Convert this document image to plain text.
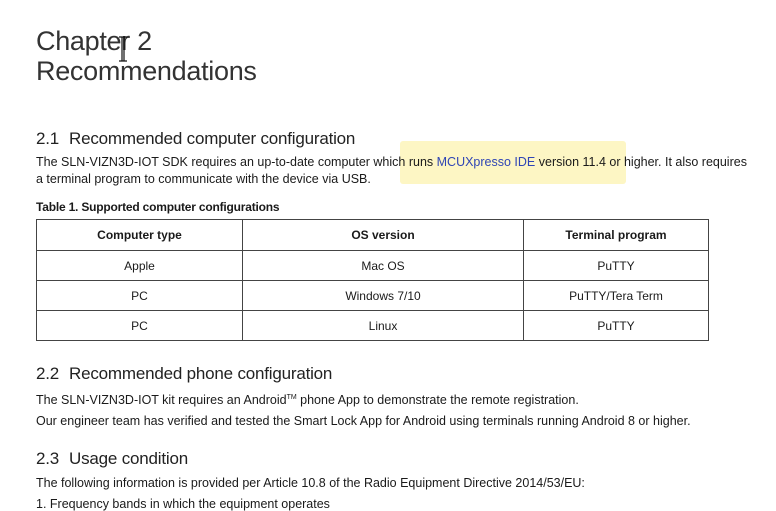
Chapter 2
Recommendations
2.1 Recommended computer configuration
The SLN-VIZN3D-IOT SDK requires an up-to-date computer which runs MCUXpresso IDE version 11.4 or higher. It also requires
a terminal program to communicate with the device via USB.
Table 1. Supported computer configurations
Computer type	OS version	Terminal program
Apple	Mac OS	PuTTY
PC	Windows 7/10	PuTTY/Tera Term
PC	Linux	PuTTY
2.2 Recommended phone configuration
The SLN-VIZN3D-IOT kit requires an Android™ phone App to demonstrate the remote registration.
Our engineer team has verified and tested the Smart Lock App for Android using terminals running Android 8 or higher.
2.3 Usage condition
The following information is provided per Article 10.8 of the Radio Equipment Directive 2014/53/EU:
1. Frequency bands in which the equipment operates
